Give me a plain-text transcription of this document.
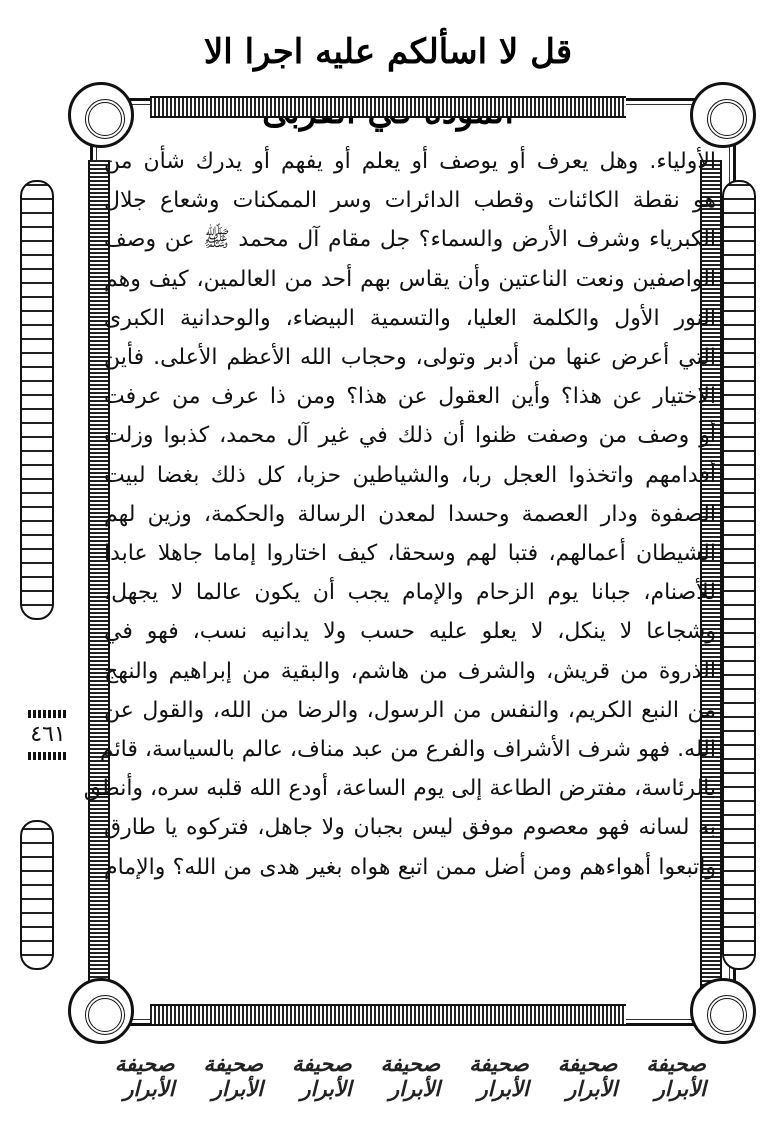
قل لا اسألكم عليه اجرا الا
٤٦١
الأولياء. وهل يعرف أو يوصف أو يعلم أو يفهم أو يدرك شأن من
هو نقطة الكائنات وقطب الدائرات وسر الممكنات وشعاع جلال
الكبرياء وشرف الأرض والسماء؟ جل مقام آل محمد ﷺ عن وصف
الواصفين ونعت الناعتين وأن يقاس بهم أحد من العالمين، كيف وهم
النور الأول والكلمة العليا، والتسمية البيضاء، والوحدانية الكبرى
التي أعرض عنها من أدبر وتولى، وحجاب الله الأعظم الأعلى. فأين
الاختيار عن هذا؟ وأين العقول عن هذا؟ ومن ذا عرف من عرفت
أو وصف من وصفت ظنوا أن ذلك في غير آل محمد، كذبوا وزلت
أقدامهم واتخذوا العجل ربا، والشياطين حزبا، كل ذلك بغضا لبيت
الصفوة ودار العصمة وحسدا لمعدن الرسالة والحكمة، وزين لهم
الشيطان أعمالهم، فتبا لهم وسحقا، كيف اختاروا إماما جاهلا عابدا
للأصنام، جبانا يوم الزحام والإمام يجب أن يكون عالما لا يجهل،
وشجاعا لا ينكل، لا يعلو عليه حسب ولا يدانيه نسب، فهو في
الذروة من قريش، والشرف من هاشم، والبقية من إبراهيم والنهج
من النبع الكريم، والنفس من الرسول، والرضا من الله، والقول عن
الله. فهو شرف الأشراف والفرع من عبد مناف، عالم بالسياسة، قائم
بالرئاسة، مفترض الطاعة إلى يوم الساعة، أودع الله قلبه سره، وأنطق
به لسانه فهو معصوم موفق ليس بجبان ولا جاهل، فتركوه يا طارق
واتبعوا أهواءهم ومن أضل ممن اتبع هواه بغير هدى من الله؟ والإمام
صحيفة الأبرار
صحيفة الأبرار
صحيفة الأبرار
صحيفة الأبرار
صحيفة الأبرار
صحيفة الأبرار
صحيفة الأبرار
